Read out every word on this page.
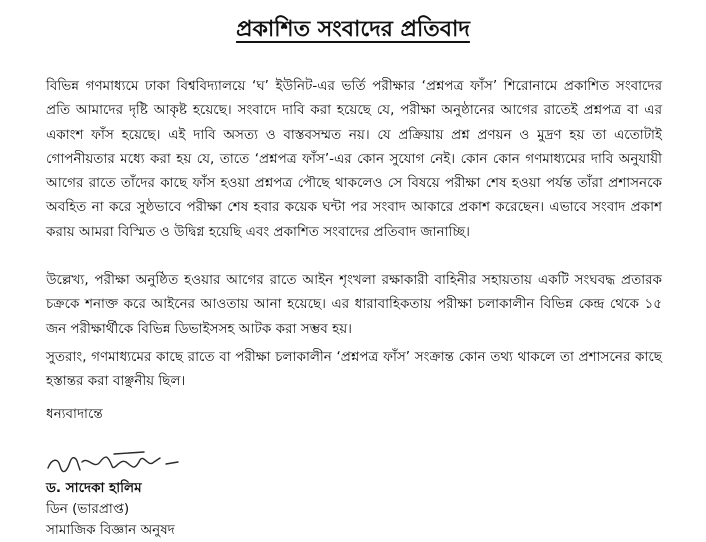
প্রকাশিত সংবাদের প্রতিবাদ

বিভিন্ন গণমাধ্যমে ঢাকা বিশ্ববিদ্যালয়ে ‘ঘ’ ইউনিট-এর ভর্তি পরীক্ষার ‘প্রশ্নপত্র ফাঁস’ শিরোনামে প্রকাশিত সংবাদের প্রতি আমাদের দৃষ্টি আকৃষ্ট হয়েছে। সংবাদে দাবি করা হয়েছে যে, পরীক্ষা অনুষ্ঠানের আগের রাতেই প্রশ্নপত্র বা এর একাংশ ফাঁস হয়েছে। এই দাবি অসত্য ও বাস্তবসম্মত নয়। যে প্রক্রিয়ায় প্রশ্ন প্রণয়ন ও মুদ্রণ হয় তা এতোটাই গোপনীয়তার মধ্যে করা হয় যে, তাতে ‘প্রশ্নপত্র ফাঁস’-এর কোন সুযোগ নেই। কোন কোন গণমাধ্যমের দাবি অনুযায়ী আগের রাতে তাঁদের কাছে ফাঁস হওয়া প্রশ্নপত্র পৌছে থাকলেও সে বিষয়ে পরীক্ষা শেষ হওয়া পর্যন্ত তাঁরা প্রশাসনকে অবহিত না করে সুষ্ঠভাবে পরীক্ষা শেষ হবার কয়েক ঘন্টা পর সংবাদ আকারে প্রকাশ করেছেন। এভাবে সংবাদ প্রকাশ করায় আমরা বিস্মিত ও উদ্বিগ্ন হয়েছি এবং প্রকাশিত সংবাদের প্রতিবাদ জানাচ্ছি।

উল্লেখ্য, পরীক্ষা অনুষ্ঠিত হওয়ার আগের রাতে আইন শৃংখলা রক্ষাকারী বাহিনীর সহায়তায় একটি সংঘবদ্ধ প্রতারক চক্রকে শনাক্ত করে আইনের আওতায় আনা হয়েছে। এর ধারাবাহিকতায় পরীক্ষা চলাকালীন বিভিন্ন কেন্দ্র থেকে ১৫ জন পরীক্ষার্থীকে বিভিন্ন ডিভাইসসহ আটক করা সম্ভব হয়।

সুতরাং, গণমাধ্যমের কাছে রাতে বা পরীক্ষা চলাকালীন ‘প্রশ্নপত্র ফাঁস’ সংক্রান্ত কোন তথ্য থাকলে তা প্রশাসনের কাছে হস্তান্তর করা বাঞ্ছনীয় ছিল।

ধন্যবাদান্তে
ড. সাদেকা হালিম
ডিন (ভারপ্রাপ্ত)
সামাজিক বিজ্ঞান অনুষদ
